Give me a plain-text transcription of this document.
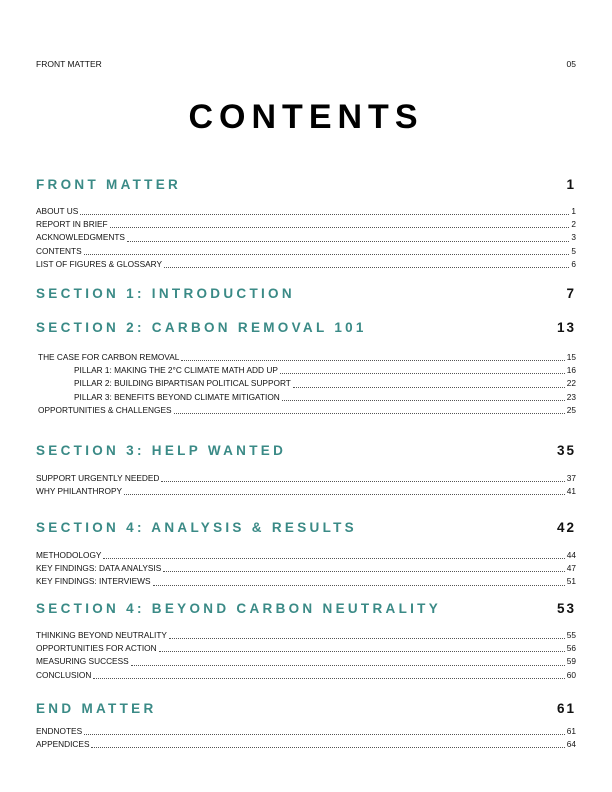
FRONT MATTER	05
CONTENTS
FRONT MATTER	1
ABOUT US	1
REPORT IN BRIEF	2
ACKNOWLEDGMENTS	3
CONTENTS	5
LIST OF FIGURES & GLOSSARY	6
SECTION 1: INTRODUCTION	7
SECTION 2: CARBON REMOVAL 101	13
THE CASE FOR CARBON REMOVAL	15
PILLAR 1: MAKING THE 2°C CLIMATE MATH ADD UP	16
PILLAR 2: BUILDING BIPARTISAN POLITICAL SUPPORT	22
PILLAR 3: BENEFITS BEYOND CLIMATE MITIGATION	23
OPPORTUNITIES & CHALLENGES	25
SECTION 3: HELP WANTED	35
SUPPORT URGENTLY NEEDED	37
WHY PHILANTHROPY	41
SECTION 4: ANALYSIS & RESULTS	42
METHODOLOGY	44
KEY FINDINGS: DATA ANALYSIS	47
KEY FINDINGS: INTERVIEWS	51
SECTION 4: BEYOND CARBON NEUTRALITY	53
THINKING BEYOND NEUTRALITY	55
OPPORTUNITIES FOR ACTION	56
MEASURING SUCCESS	59
CONCLUSION	60
END MATTER	61
ENDNOTES	61
APPENDICES	64
